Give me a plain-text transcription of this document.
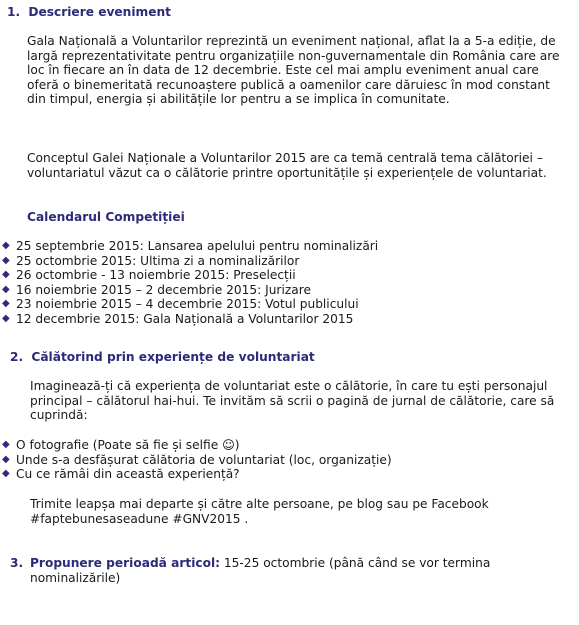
1. Descriere eveniment

Gala Națională a Voluntarilor reprezintă un eveniment național, aflat la a 5-a ediție, de largă reprezentativitate pentru organizațiile non-guvernamentale din România care are loc în fiecare an în data de 12 decembrie. Este cel mai amplu eveniment anual care oferă o binemeritată recunoaștere publică a oamenilor care dăruiesc în mod constant din timpul, energia și abilitățile lor pentru a se implica în comunitate.

Conceptul Galei Naționale a Voluntarilor 2015 are ca temă centrală tema călătoriei – voluntariatul văzut ca o călătorie printre oportunitățile și experiențele de voluntariat.

Calendarul Competiției
◆ 25 septembrie 2015: Lansarea apelului pentru nominalizări
◆ 25 octombrie 2015: Ultima zi a nominalizărilor
◆ 26 octombrie - 13 noiembrie 2015: Preselecții
◆ 16 noiembrie 2015 – 2 decembrie 2015: Jurizare
◆ 23 noiembrie 2015 – 4 decembrie 2015: Votul publicului
◆ 12 decembrie 2015: Gala Națională a Voluntarilor 2015
2. Călătorind prin experiențe de voluntariat

Imaginează-ți că experiența de voluntariat este o călătorie, în care tu ești personajul principal – călătorul hai-hui. Te invităm să scrii o pagină de jurnal de călătorie, care să cuprindă:

◆ O fotografie (Poate să fie și selfie ☺)
◆ Unde s-a desfășurat călătoria de voluntariat (loc, organizație)
◆ Cu ce rămâi din această experiență?

Trimite leapșa mai departe și către alte persoane, pe blog sau pe Facebook #faptebunesaseadune #GNV2015 .

3. Propunere perioadă articol: 15-25 octombrie (până când se vor termina nominalizările)
